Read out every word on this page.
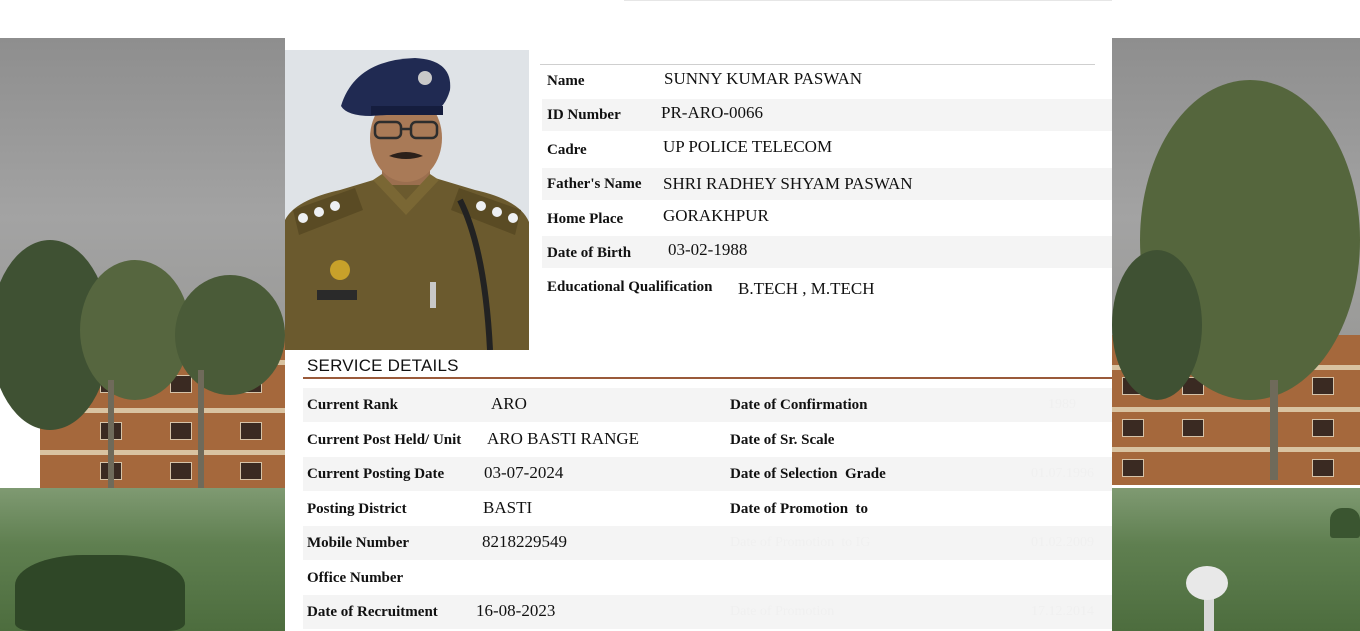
Name	SUNNY KUMAR PASWAN
ID Number PR-ARO-0066
Cadre	UP POLICE TELECOM
Father's Name SHRI RADHEY SHYAM PASWAN
Home Place GORAKHPUR
Date of Birth 03-02-1988
Educational Qualification B.TECH , M.TECH
SERVICE DETAILS
Current Rank	ARO	Date of Confirmation	1989
Current Post Held/ Unit ARO BASTI RANGE	Date of Sr. Scale
Current Posting Date 03-07-2024	Date of Selection  Grade	01.07.1996
Posting District	BASTI	Date of Promotion  to
Mobile Number	8218229549	Date of Promotion  to IG	01.02.2009
Office Number
Date of Recruitment 16-08-2023	Date of Promotion	17.12.2014
